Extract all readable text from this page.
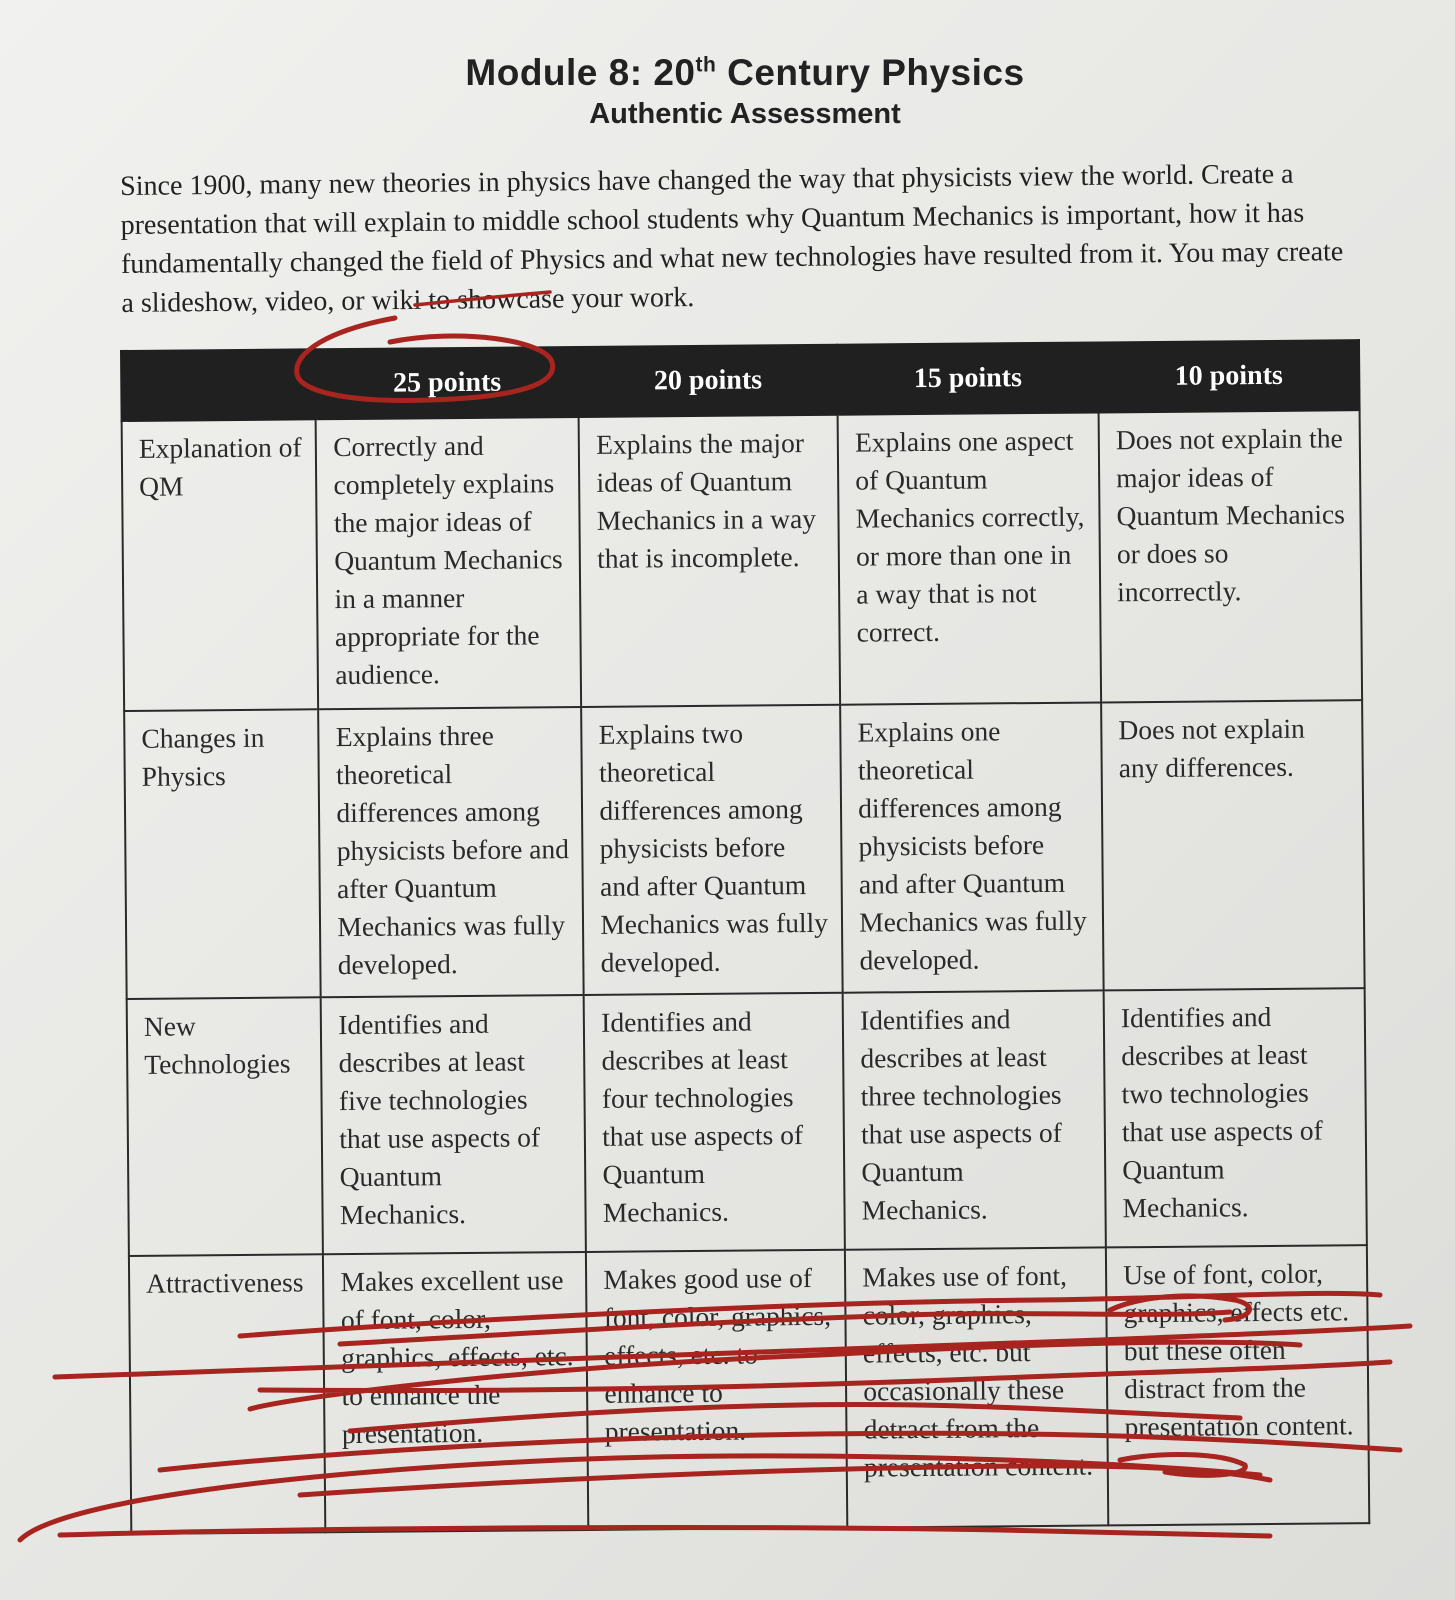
Module 8: 20th Century Physics
Authentic Assessment
Since 1900, many new theories in physics have changed the way that physicists view the world. Create a presentation that will explain to middle school students why Quantum Mechanics is important, how it has fundamentally changed the field of Physics and what new technologies have resulted from it. You may create a slideshow, video, or wiki to showcase your work.
	25 points	20 points	15 points	10 points
Explanation of QM	Correctly and completely explains the major ideas of Quantum Mechanics in a manner appropriate for the audience.	Explains the major ideas of Quantum Mechanics in a way that is incomplete.	Explains one aspect of Quantum Mechanics correctly, or more than one in a way that is not correct.	Does not explain the major ideas of Quantum Mechanics or does so incorrectly.
Changes in Physics	Explains three theoretical differences among physicists before and after Quantum Mechanics was fully developed.	Explains two theoretical differences among physicists before and after Quantum Mechanics was fully developed.	Explains one theoretical differences among physicists before and after Quantum Mechanics was fully developed.	Does not explain any differences.
New Technologies	Identifies and describes at least five technologies that use aspects of Quantum Mechanics.	Identifies and describes at least four technologies that use aspects of Quantum Mechanics.	Identifies and describes at least three technologies that use aspects of Quantum Mechanics.	Identifies and describes at least two technologies that use aspects of Quantum Mechanics.
Attractiveness	Makes excellent use of font, color, graphics, effects, etc. to enhance the presentation.	Makes good use of font, color, graphics, effects, etc. to enhance to presentation.	Makes use of font, color, graphics, effects, etc. but occasionally these detract from the presentation content.	Use of font, color, graphics, effects etc. but these often distract from the presentation content.
